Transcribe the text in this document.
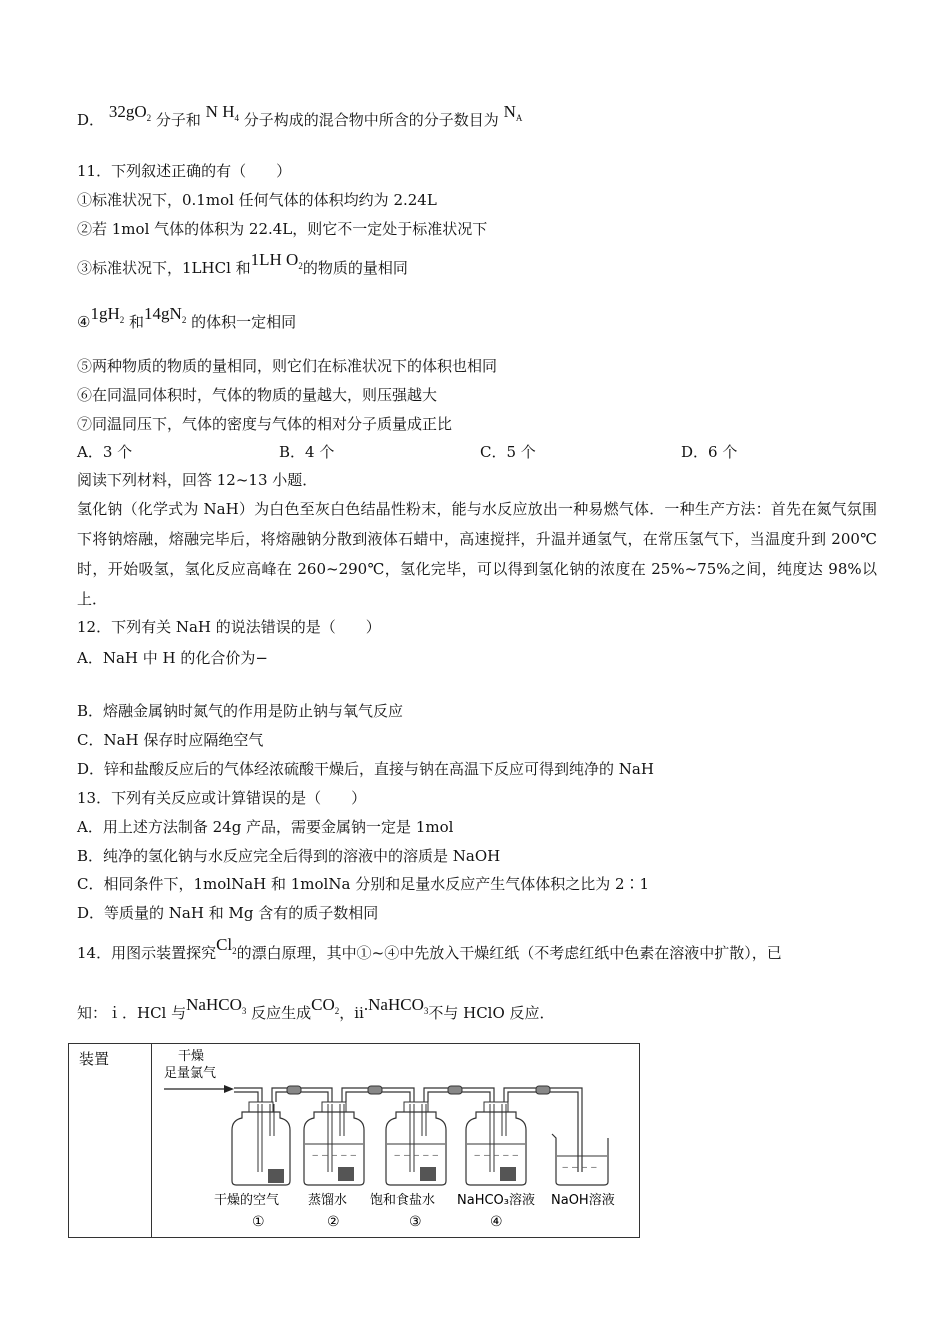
D． $32gO_2$ 分子和 N $H_4$ 分子构成的混合物中所含的分子数目为 $N_A$
11．下列叙述正确的有（　　）
①标准状况下，0.1mol 任何气体的体积均约为 2.24L
②若 1mol 气体的体积为 22.4L，则它不一定处于标准状况下
③标准状况下，1LHCl 和1LH $O_2$的物质的量相同
$④1gH_2$ 和$14gN_2$ 的体积一定相同
⑤两种物质的物质的量相同，则它们在标准状况下的体积也相同
⑥在同温同体积时，气体的物质的量越大，则压强越大
⑦同温同压下，气体的密度与气体的相对分子质量成正比
A．3 个	B．4 个	C．5 个	D．6 个
阅读下列材料，回答 12~13 小题．
氢化钠（化学式为 NaH）为白色至灰白色结晶性粉末，能与水反应放出一种易燃气体．一种生产方法：首先在氮气氛围下将钠熔融，熔融完毕后，将熔融钠分散到液体石蜡中，高速搅拌，升温并通氢气，在常压氢气下，当温度升到 200℃时，开始吸氢，氢化反应高峰在 260~290℃，氢化完毕，可以得到氢化钠的浓度在 25%~75%之间，纯度达 98%以上．
12．下列有关 NaH 的说法错误的是（　　）
A．NaH 中 H 的化合价为−
B．熔融金属钠时氮气的作用是防止钠与氧气反应
C．NaH 保存时应隔绝空气
D．锌和盐酸反应后的气体经浓硫酸干燥后，直接与钠在高温下反应可得到纯净的 NaH
13．下列有关反应或计算错误的是（　　）
A．用上述方法制备 24g 产品，需要金属钠一定是 1mol
B．纯净的氢化钠与水反应完全后得到的溶液中的溶质是 NaOH
C．相同条件下，1molNaH 和 1molNa 分别和足量水反应产生气体体积之比为 2∶1
D．等质量的 NaH 和 Mg 含有的质子数相同
14．用图示装置探究$Cl_2$的漂白原理，其中①~④中先放入干燥红纸（不考虑红纸中色素在溶液中扩散），已
知：ｉ．HCl 与NaHCO$_3$ 反应生成$CO_2$，ⅱ.NaHCO$_3$不与 HClO 反应．
装置	干燥
足量氯气
‒ ‒ ‒ ‒ ‒	‒ ‒ ‒ ‒ ‒	‒ ‒ ‒ ‒ ‒
‒ ‒ ‒ ‒
干燥的空气 蒸馏水 饱和食盐水 NaHCO₃溶液 NaOH溶液
①	②	③	④
